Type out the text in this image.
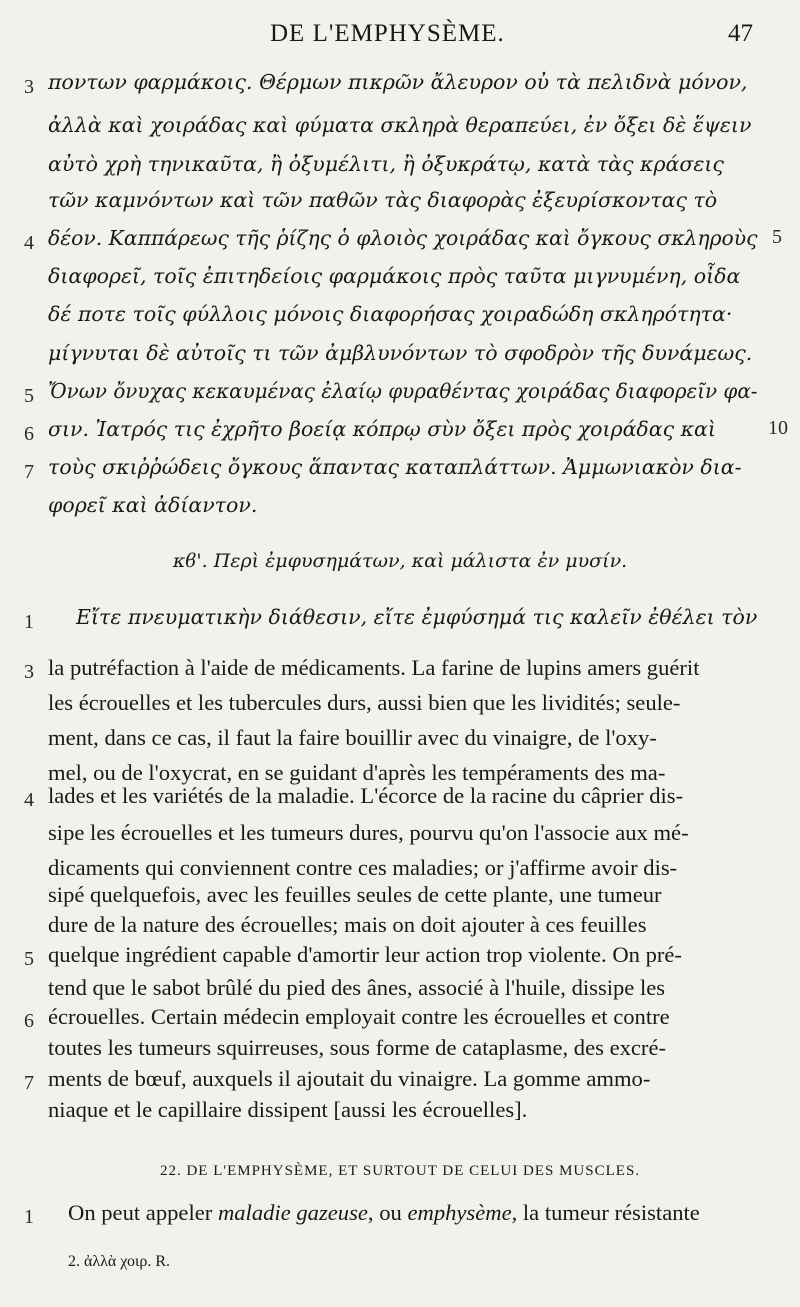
DE L'EMPHYSÈME.	47
3 ποντων φαρμάκοις. Θέρμων πικρῶν ἄλευρον οὐ τὰ πελιδνὰ μόνον,
ἀλλὰ καὶ χοιράδας καὶ φύματα σκληρὰ θεραπεύει, ἐν ὄξει δὲ ἕψειν
αὐτὸ χρὴ τηνικαῦτα, ἢ ὀξυμέλιτι, ἢ ὀξυκράτῳ, κατὰ τὰς κράσεις
τῶν καμνόντων καὶ τῶν παθῶν τὰς διαφορὰς ἐξευρίσκοντας τὸ
4 δέον. Καππάρεως τῆς ῥίζης ὁ φλοιὸς χοιράδας καὶ ὄγκους σκληροὺς 5
διαφορεῖ, τοῖς ἐπιτηδείοις φαρμάκοις πρὸς ταῦτα μιγνυμένη, οἶδα
δέ ποτε τοῖς φύλλοις μόνοις διαφορήσας χοιραδώδη σκληρότητα·
μίγνυται δὲ αὐτοῖς τι τῶν ἀμβλυνόντων τὸ σφοδρὸν τῆς δυνάμεως.
5 Ὄνων ὄνυχας κεκαυμένας ἐλαίῳ φυραθέντας χοιράδας διαφορεῖν φα-
6 σιν. Ἰατρός τις ἐχρῆτο βοείᾳ κόπρῳ σὺν ὄξει πρὸς χοιράδας καὶ	10
7 τοὺς σκιῤῥώδεις ὄγκους ἅπαντας καταπλάττων. Ἀμμωνιακὸν δια-
φορεῖ καὶ ἀδίαντον.
κϐ'. Περὶ ἐμφυσημάτων, καὶ μάλιστα ἐν μυσίν.
1 Εἴτε πνευματικὴν διάθεσιν, εἴτε ἐμφύσημά τις καλεῖν ἐθέλει τὸν
3 la putréfaction à l'aide de médicaments. La farine de lupins amers guérit
les écrouelles et les tubercules durs, aussi bien que les lividités; seule-
ment, dans ce cas, il faut la faire bouillir avec du vinaigre, de l'oxy-
mel, ou de l'oxycrat, en se guidant d'après les tempéraments des ma-
4 lades et les variétés de la maladie. L'écorce de la racine du câprier dis-
sipe les écrouelles et les tumeurs dures, pourvu qu'on l'associe aux mé-
dicaments qui conviennent contre ces maladies; or j'affirme avoir dis-
sipé quelquefois, avec les feuilles seules de cette plante, une tumeur
dure de la nature des écrouelles; mais on doit ajouter à ces feuilles
5 quelque ingrédient capable d'amortir leur action trop violente. On pré-
tend que le sabot brûlé du pied des ânes, associé à l'huile, dissipe les
6 écrouelles. Certain médecin employait contre les écrouelles et contre
toutes les tumeurs squirreuses, sous forme de cataplasme, des excré-
7 ments de bœuf, auxquels il ajoutait du vinaigre. La gomme ammo-
niaque et le capillaire dissipent [aussi les écrouelles].
22. DE L'EMPHYSÈME, ET SURTOUT DE CELUI DES MUSCLES.
1 On peut appeler maladie gazeuse, ou emphysème, la tumeur résistante
2. ἀλλὰ χοιρ. R.
